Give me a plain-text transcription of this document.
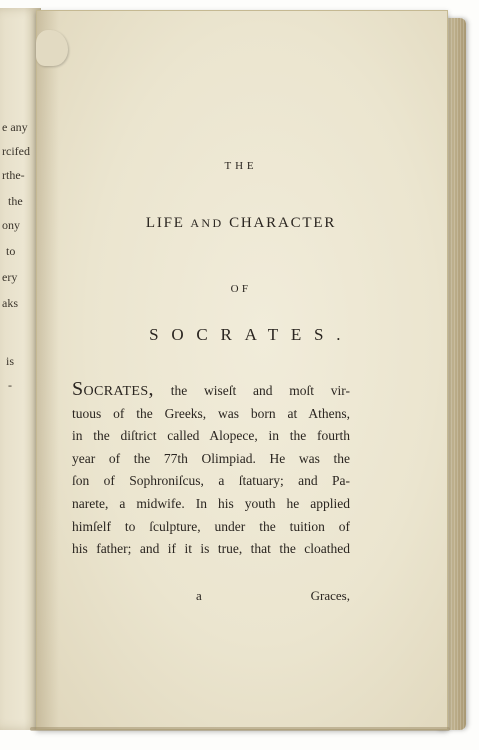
e any
rcifed
rthe-
the
ony
to
ery
aks
is
-
THE
LIFE AND CHARACTER
OF
SOCRATES.
Socrates, the wiseſt and moſt vir-
tuous of the Greeks, was born at Athens,
in the diſtrict called Alopece, in the fourth
year of the 77th Olimpiad. He was the
ſon of Sophroniſcus, a ſtatuary; and Pa-
narete, a midwife. In his youth he applied
himſelf to ſculpture, under the tuition of
his father; and if it is true, that the cloathed
a	Graces,
